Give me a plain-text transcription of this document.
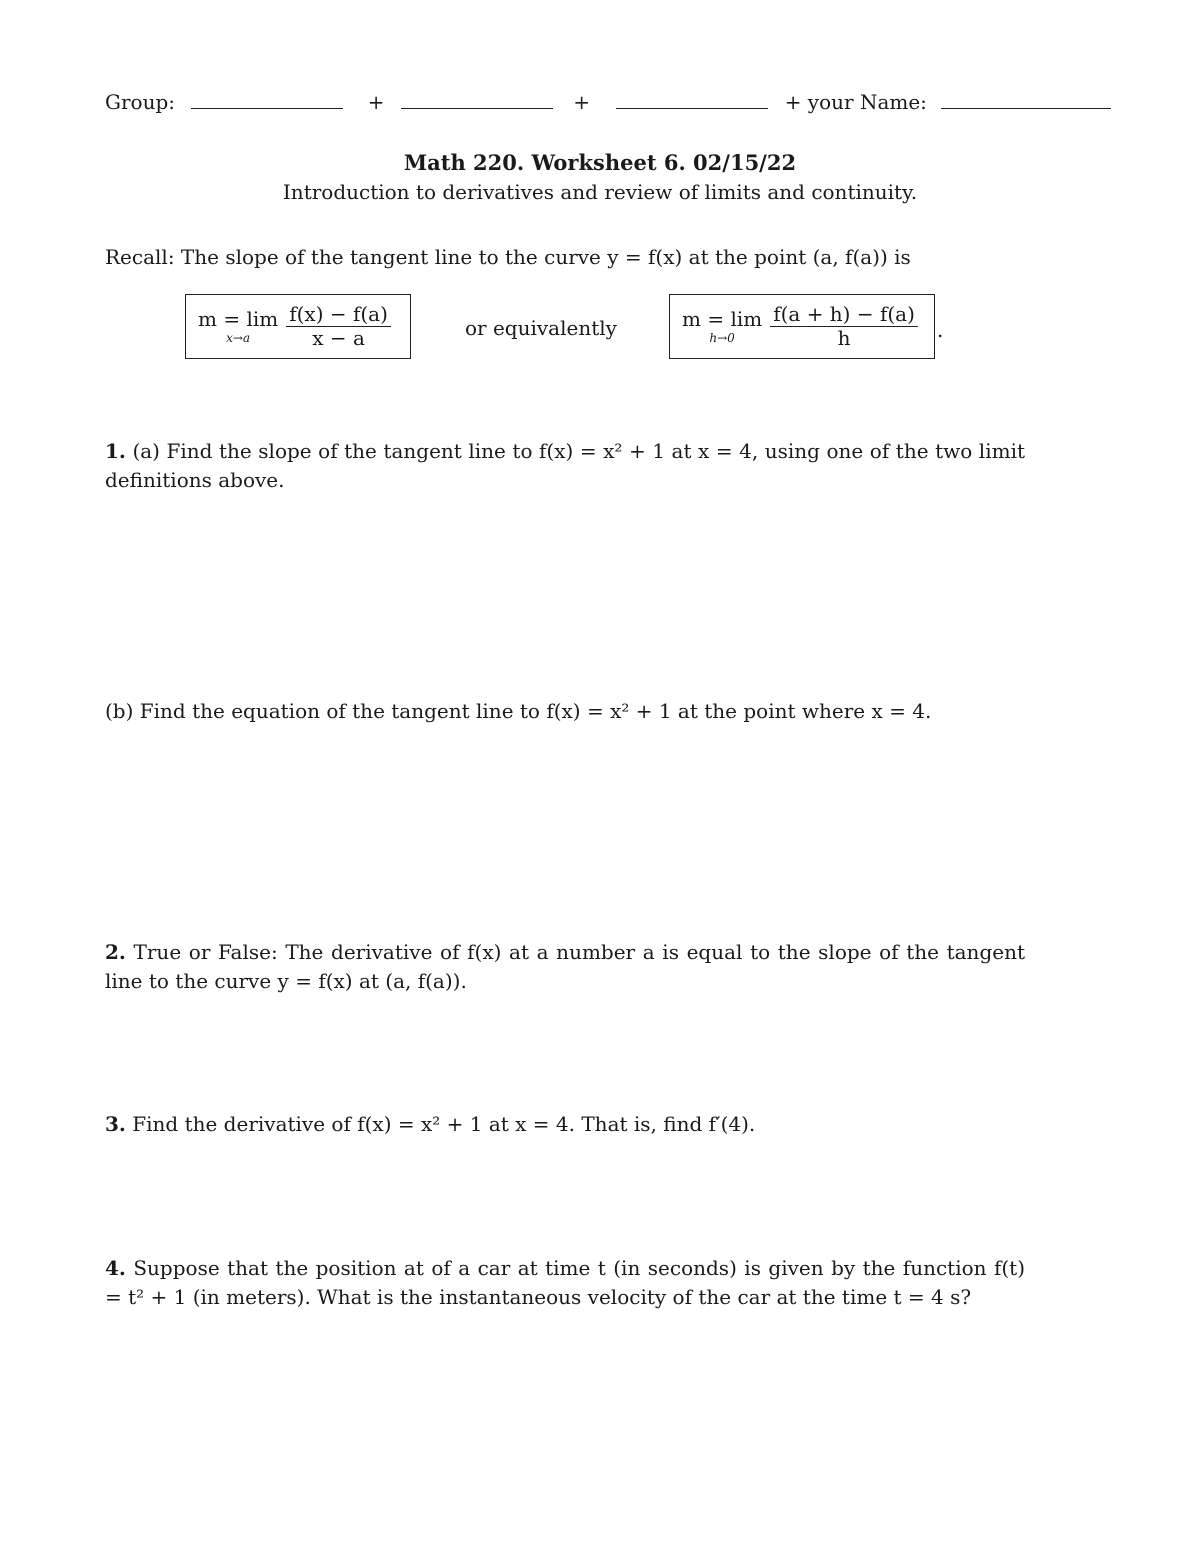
Group:	+	+	+ your Name:
Math 220. Worksheet 6. 02/15/22
Introduction to derivatives and review of limits and continuity.
Recall: The slope of the tangent line to the curve y = f(x) at the point (a, f(a)) is
m = lim
$x\to a \frac{f(x) - f(a)}{x - a}$	or equivalently	m = lim
$h\to 0 \frac{f(a + h) - f(a)}{h}$ .
1. (a) Find the slope of the tangent line to f(x) = x² + 1 at x = 4, using one of the two limit definitions above.
(b) Find the equation of the tangent line to f(x) = x² + 1 at the point where x = 4.
2. True or False: The derivative of f(x) at a number a is equal to the slope of the tangent line to the curve y = f(x) at (a, f(a)).
3. Find the derivative of f(x) = x² + 1 at x = 4. That is, find f′(4).
4. Suppose that the position at of a car at time t (in seconds) is given by the function f(t) = t² + 1 (in meters). What is the instantaneous velocity of the car at the time t = 4 s?
